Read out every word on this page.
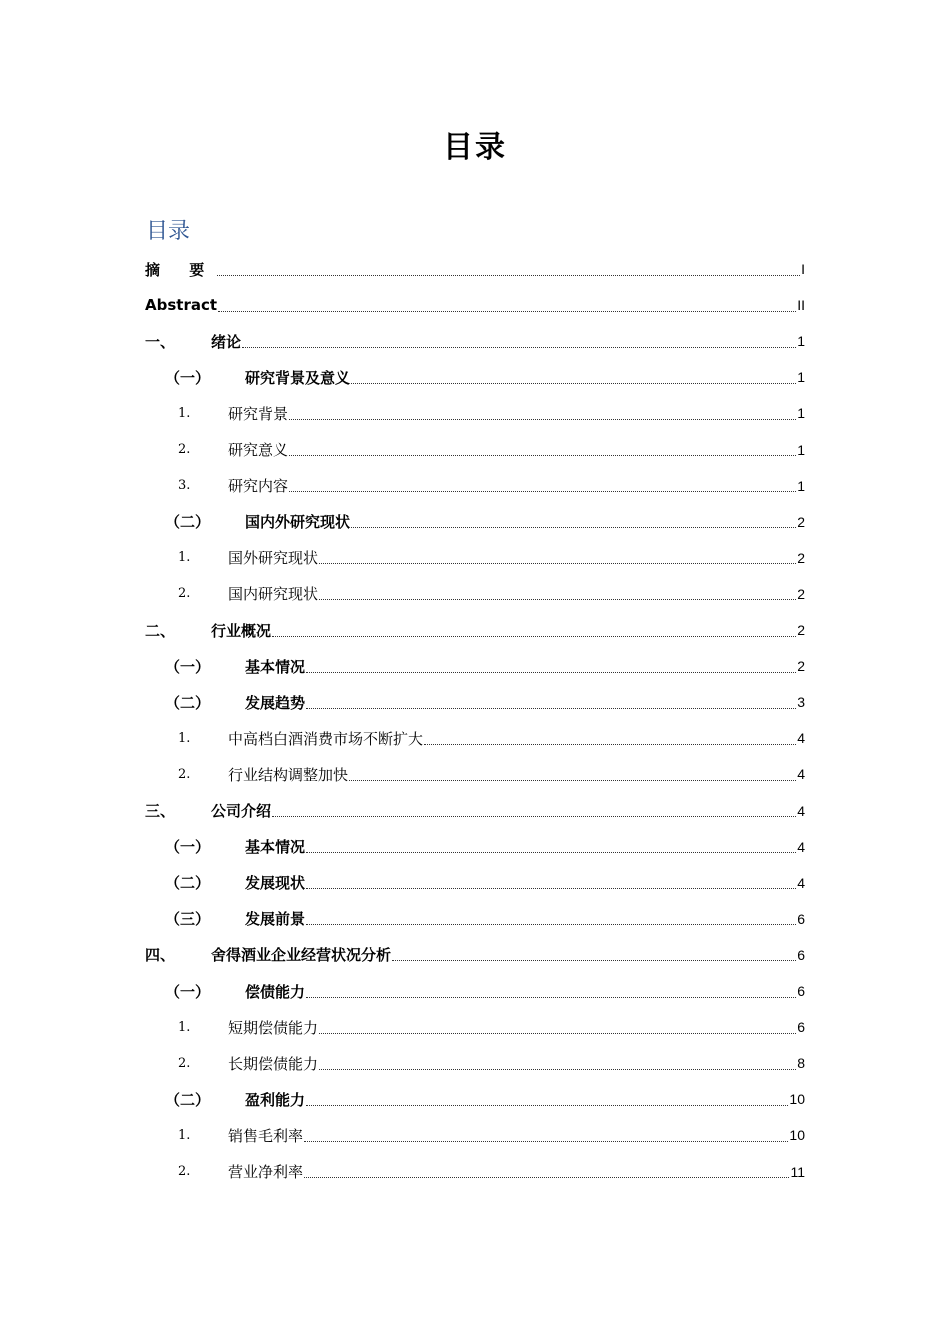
目录
目录
摘 要	I
Abstract	II
一、	绪论	1
（一）	研究背景及意义	1
1.	研究背景	1
2.	研究意义	1
3.	研究内容	1
（二）	国内外研究现状	2
1.	国外研究现状	2
2.	国内研究现状	2
二、	行业概况	2
（一）	基本情况	2
（二）	发展趋势	3
1.	中高档白酒消费市场不断扩大	4
2.	行业结构调整加快	4
三、	公司介绍	4
（一）	基本情况	4
（二）	发展现状	4
（三）	发展前景	6
四、	舍得酒业企业经营状况分析	6
（一）	偿债能力	6
1.	短期偿债能力	6
2.	长期偿债能力	8
（二）	盈利能力	10
1.	销售毛利率	10
2.	营业净利率	11
